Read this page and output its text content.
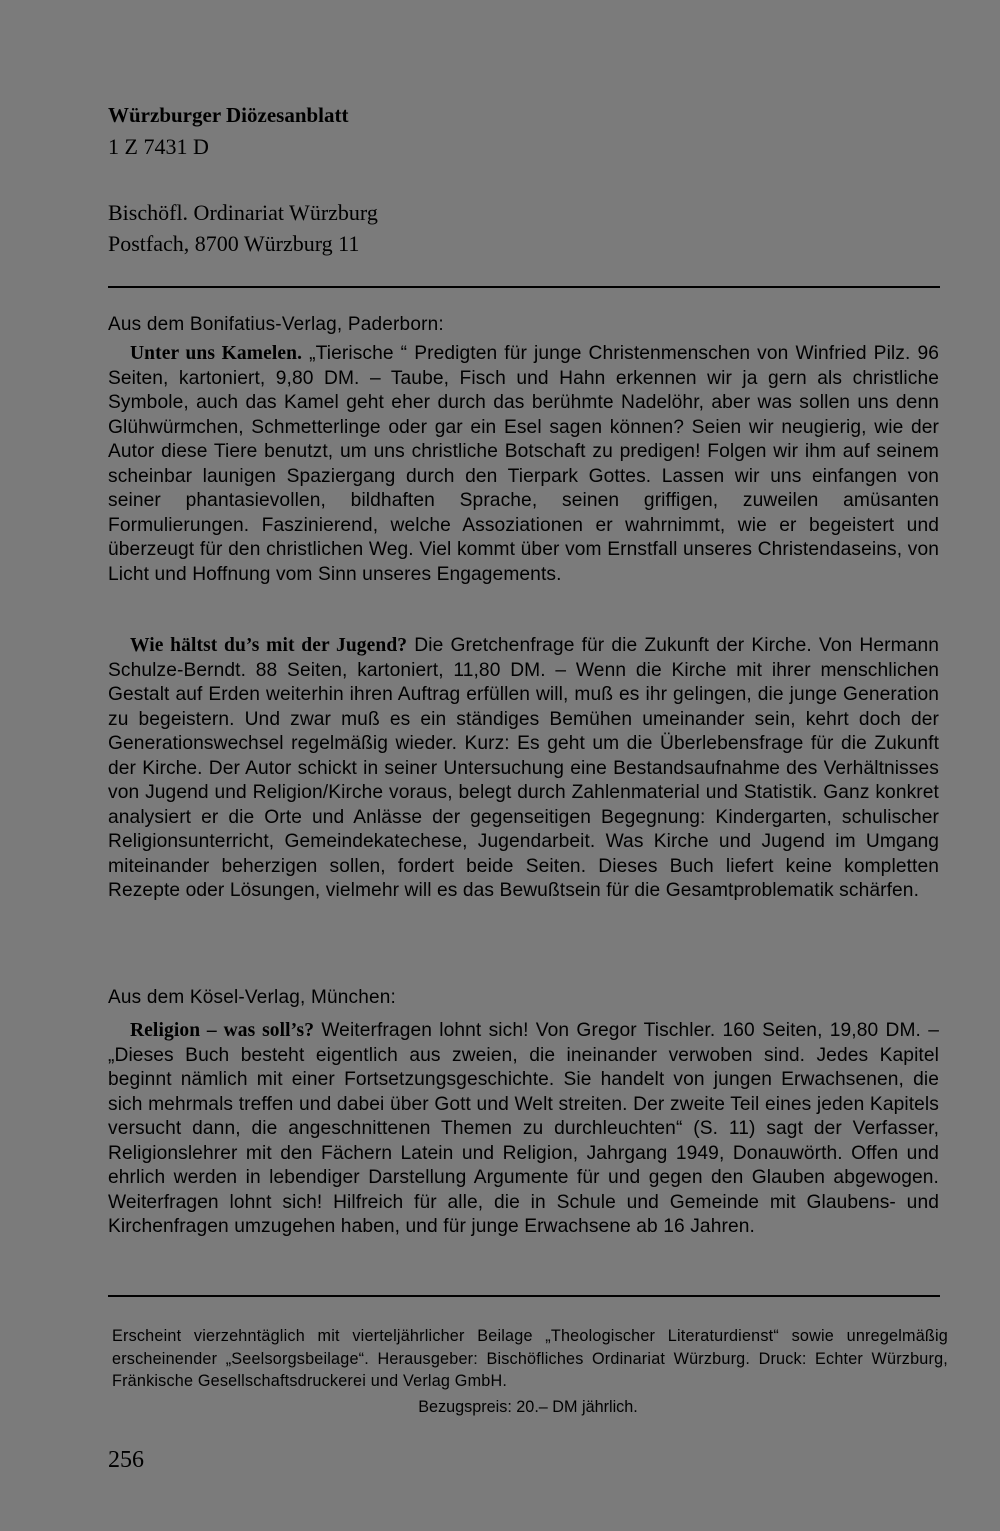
Würzburger Diözesanblatt

1 Z 7431 D

Bischöfl. Ordinariat Würzburg

Postfach, 8700 Würzburg 11

Aus dem Bonifatius-Verlag, Paderborn:

Unter uns Kamelen. „Tierische “ Predigten für junge Christenmenschen von Winfried Pilz. 96 Seiten, kartoniert, 9,80 DM. – Taube, Fisch und Hahn erkennen wir ja gern als christliche Symbole, auch das Kamel geht eher durch das berühmte Nadelöhr, aber was sollen uns denn Glühwürmchen, Schmetterlinge oder gar ein Esel sagen können? Seien wir neugierig, wie der Autor diese Tiere benutzt, um uns christliche Botschaft zu predigen! Folgen wir ihm auf seinem scheinbar launigen Spaziergang durch den Tierpark Gottes. Lassen wir uns einfangen von seiner phantasievollen, bildhaften Sprache, seinen griffigen, zuweilen amüsanten Formulierungen. Faszinierend, welche Assoziationen er wahrnimmt, wie er begeistert und überzeugt für den christlichen Weg. Viel kommt über vom Ernstfall unseres Christendaseins, von Licht und Hoffnung vom Sinn unseres Engagements.

Wie hältst du’s mit der Jugend? Die Gretchenfrage für die Zukunft der Kirche. Von Hermann Schulze-Berndt. 88 Seiten, kartoniert, 11,80 DM. – Wenn die Kirche mit ihrer menschlichen Gestalt auf Erden weiterhin ihren Auftrag erfüllen will, muß es ihr gelingen, die junge Generation zu begeistern. Und zwar muß es ein ständiges Bemühen umeinander sein, kehrt doch der Generationswechsel regelmäßig wieder. Kurz: Es geht um die Überlebensfrage für die Zukunft der Kirche. Der Autor schickt in seiner Untersuchung eine Bestandsaufnahme des Verhältnisses von Jugend und Religion/Kirche voraus, belegt durch Zahlenmaterial und Statistik. Ganz konkret analysiert er die Orte und Anlässe der gegenseitigen Begegnung: Kindergarten, schulischer Religionsunterricht, Gemeindekatechese, Jugendarbeit. Was Kirche und Jugend im Umgang miteinander beherzigen sollen, fordert beide Seiten. Dieses Buch liefert keine kompletten Rezepte oder Lösungen, vielmehr will es das Bewußtsein für die Gesamtproblematik schärfen.

Aus dem Kösel-Verlag, München:

Religion – was soll’s? Weiterfragen lohnt sich! Von Gregor Tischler. 160 Seiten, 19,80 DM. – „Dieses Buch besteht eigentlich aus zweien, die ineinander verwoben sind. Jedes Kapitel beginnt nämlich mit einer Fortsetzungsgeschichte. Sie handelt von jungen Erwachsenen, die sich mehrmals treffen und dabei über Gott und Welt streiten. Der zweite Teil eines jeden Kapitels versucht dann, die angeschnittenen Themen zu durchleuchten“ (S. 11) sagt der Verfasser, Religionslehrer mit den Fächern Latein und Religion, Jahrgang 1949, Donauwörth. Offen und ehrlich werden in lebendiger Darstellung Argumente für und gegen den Glauben abgewogen. Weiterfragen lohnt sich! Hilfreich für alle, die in Schule und Gemeinde mit Glaubens- und Kirchenfragen umzugehen haben, und für junge Erwachsene ab 16 Jahren.

Erscheint vierzehntäglich mit vierteljährlicher Beilage „Theologischer Literaturdienst“ sowie unregelmäßig erscheinender „Seelsorgsbeilage“. Herausgeber: Bischöfliches Ordinariat Würzburg. Druck: Echter Würzburg, Fränkische Gesellschaftsdruckerei und Verlag GmbH.

Bezugspreis: 20.– DM jährlich.

256
